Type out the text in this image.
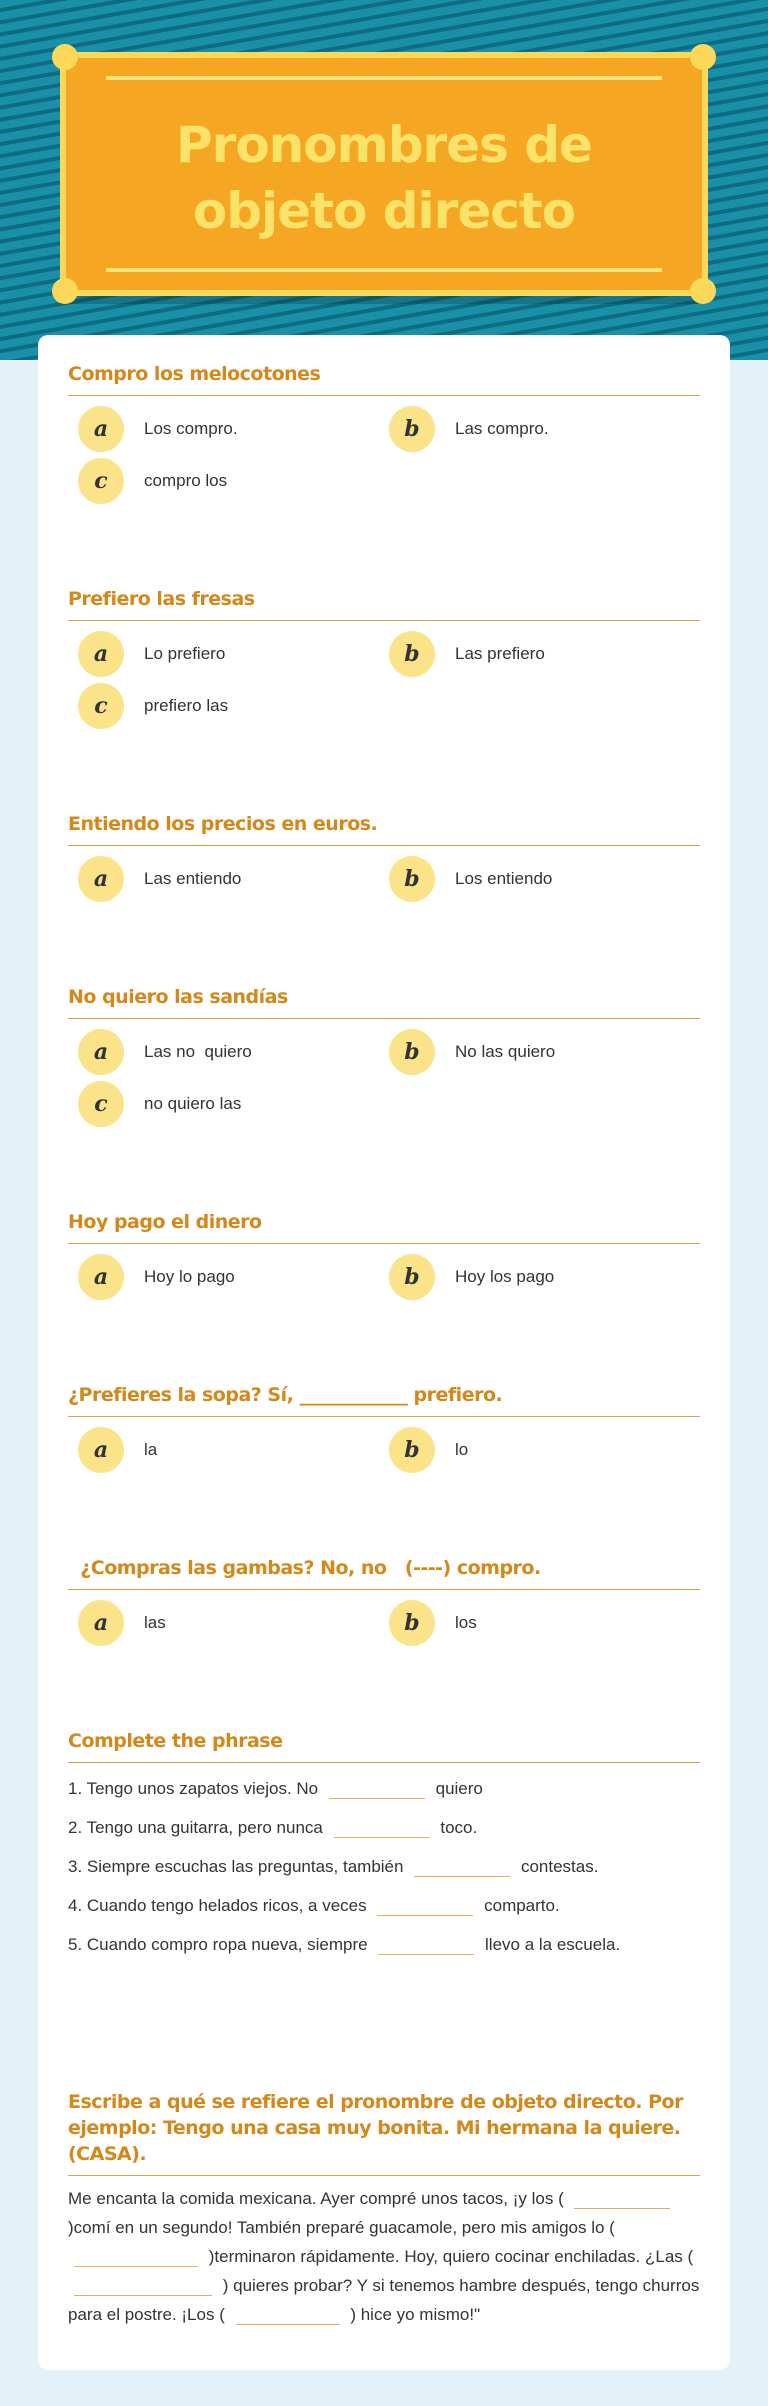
Pronombres de objeto directo
Compro los melocotones
a	Los compro.	b	Las compro.
c	compro los
Prefiero las fresas
a	Lo prefiero	b	Las prefiero
c	prefiero las
Entiendo los precios en euros.
a	Las entiendo	b	Los entiendo
No quiero las sandías
a	Las no  quiero	b	No las quiero
c	no quiero las
Hoy pago el dinero
a	Hoy lo pago	b	Hoy los pago
¿Prefieres la sopa? Sí, ____________ prefiero.
a	la	b	lo
¿Compras las gambas? No, no   (----) compro.
a	las	b	los
Complete the phrase
1. Tengo unos zapatos viejos. No	quiero
2. Tengo una guitarra, pero nunca	toco.
3. Siempre escuchas las preguntas, también	contestas.
4. Cuando tengo helados ricos, a veces	comparto.
5. Cuando compro ropa nueva, siempre	llevo a la escuela.
Escribe a qué se refiere el pronombre de objeto directo. Por ejemplo: Tengo una casa muy bonita. Mi hermana la quiere. (CASA).
Me encanta la comida mexicana. Ayer compré unos tacos, ¡y los (  )comí en un segundo! También preparé guacamole, pero mis amigos lo (  )terminaron rápidamente. Hoy, quiero cocinar enchiladas. ¿Las (  ) quieres probar? Y si tenemos hambre después, tengo churros para el postre. ¡Los (	) hice yo mismo!"
